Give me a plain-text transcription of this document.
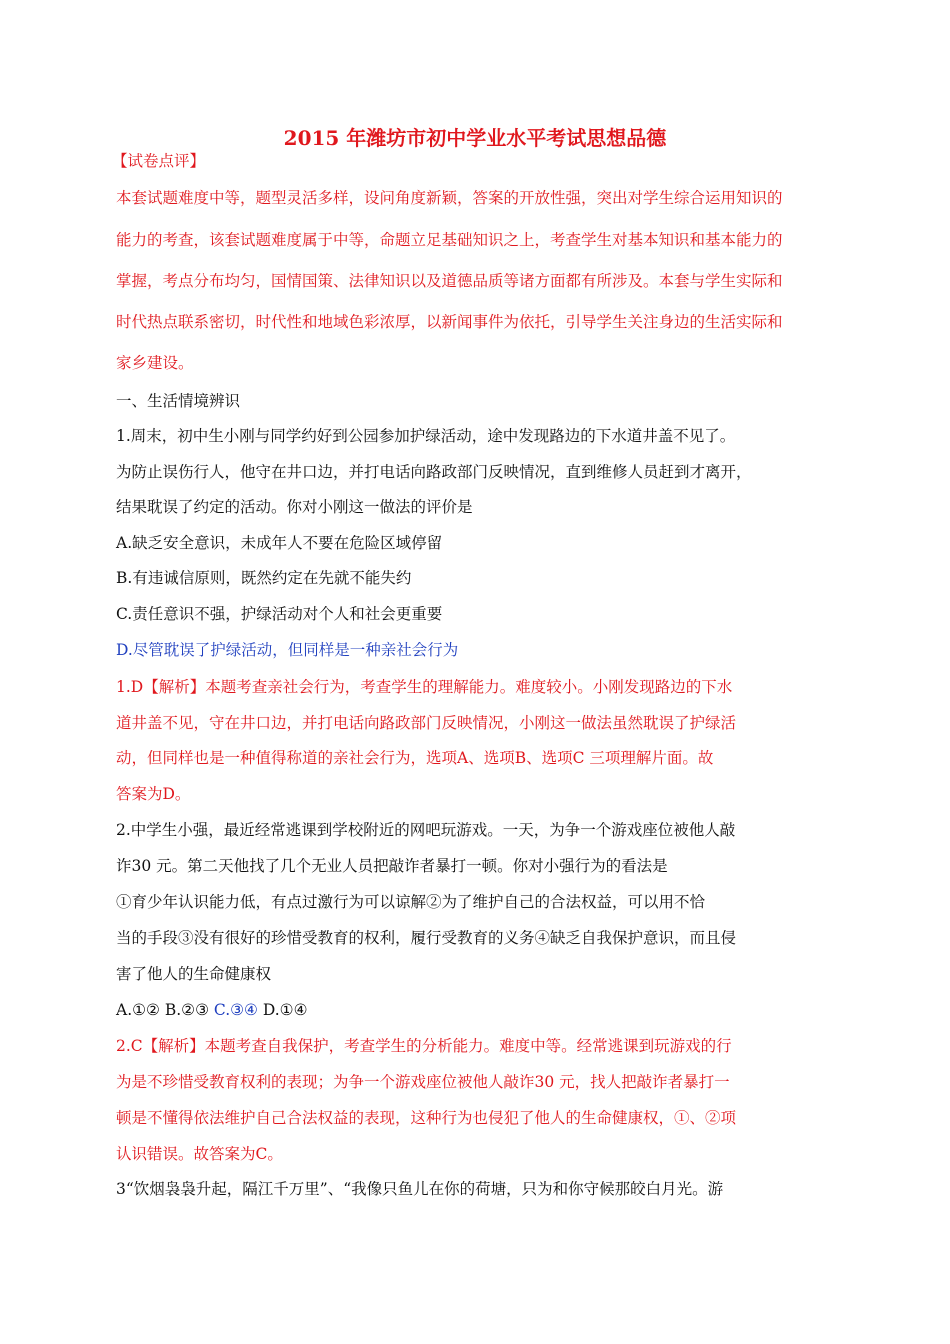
2015 年潍坊市初中学业水平考试思想品德
【试卷点评】
本套试题难度中等，题型灵活多样，设问角度新颖，答案的开放性强，突出对学生综合运用知识的
能力的考查，该套试题难度属于中等，命题立足基础知识之上，考查学生对基本知识和基本能力的
掌握，考点分布均匀，国情国策、法律知识以及道德品质等诸方面都有所涉及。本套与学生实际和
时代热点联系密切，时代性和地域色彩浓厚，以新闻事件为依托，引导学生关注身边的生活实际和
家乡建设。
一、生活情境辨识
1.周末，初中生小刚与同学约好到公园参加护绿活动，途中发现路边的下水道井盖不见了。
为防止误伤行人，他守在井口边，并打电话向路政部门反映情况，直到维修人员赶到才离开，
结果耽误了约定的活动。你对小刚这一做法的评价是
A.缺乏安全意识，未成年人不要在危险区域停留
B.有违诚信原则，既然约定在先就不能失约
C.责任意识不强，护绿活动对个人和社会更重要
D.尽管耽误了护绿活动，但同样是一种亲社会行为
1.D【解析】本题考查亲社会行为，考查学生的理解能力。难度较小。小刚发现路边的下水
道井盖不见，守在井口边，并打电话向路政部门反映情况，小刚这一做法虽然耽误了护绿活
动，但同样也是一种值得称道的亲社会行为，选项A、选项B、选项C 三项理解片面。故
答案为D。
2.中学生小强，最近经常逃课到学校附近的网吧玩游戏。一天，为争一个游戏座位被他人敲
诈30 元。第二天他找了几个无业人员把敲诈者暴打一顿。你对小强行为的看法是
①育少年认识能力低，有点过激行为可以谅解②为了维护自己的合法权益，可以用不恰
当的手段③没有很好的珍惜受教育的权利，履行受教育的义务④缺乏自我保护意识，而且侵
害了他人的生命健康权
A.①② B.②③ C.③④ D.①④
2.C【解析】本题考查自我保护，考查学生的分析能力。难度中等。经常逃课到玩游戏的行
为是不珍惜受教育权利的表现；为争一个游戏座位被他人敲诈30 元，找人把敲诈者暴打一
顿是不懂得依法维护自己合法权益的表现，这种行为也侵犯了他人的生命健康权，①、②项
认识错误。故答案为C。
3“饮烟袅袅升起，隔江千万里”、“我像只鱼儿在你的荷塘，只为和你守候那皎白月光。游
